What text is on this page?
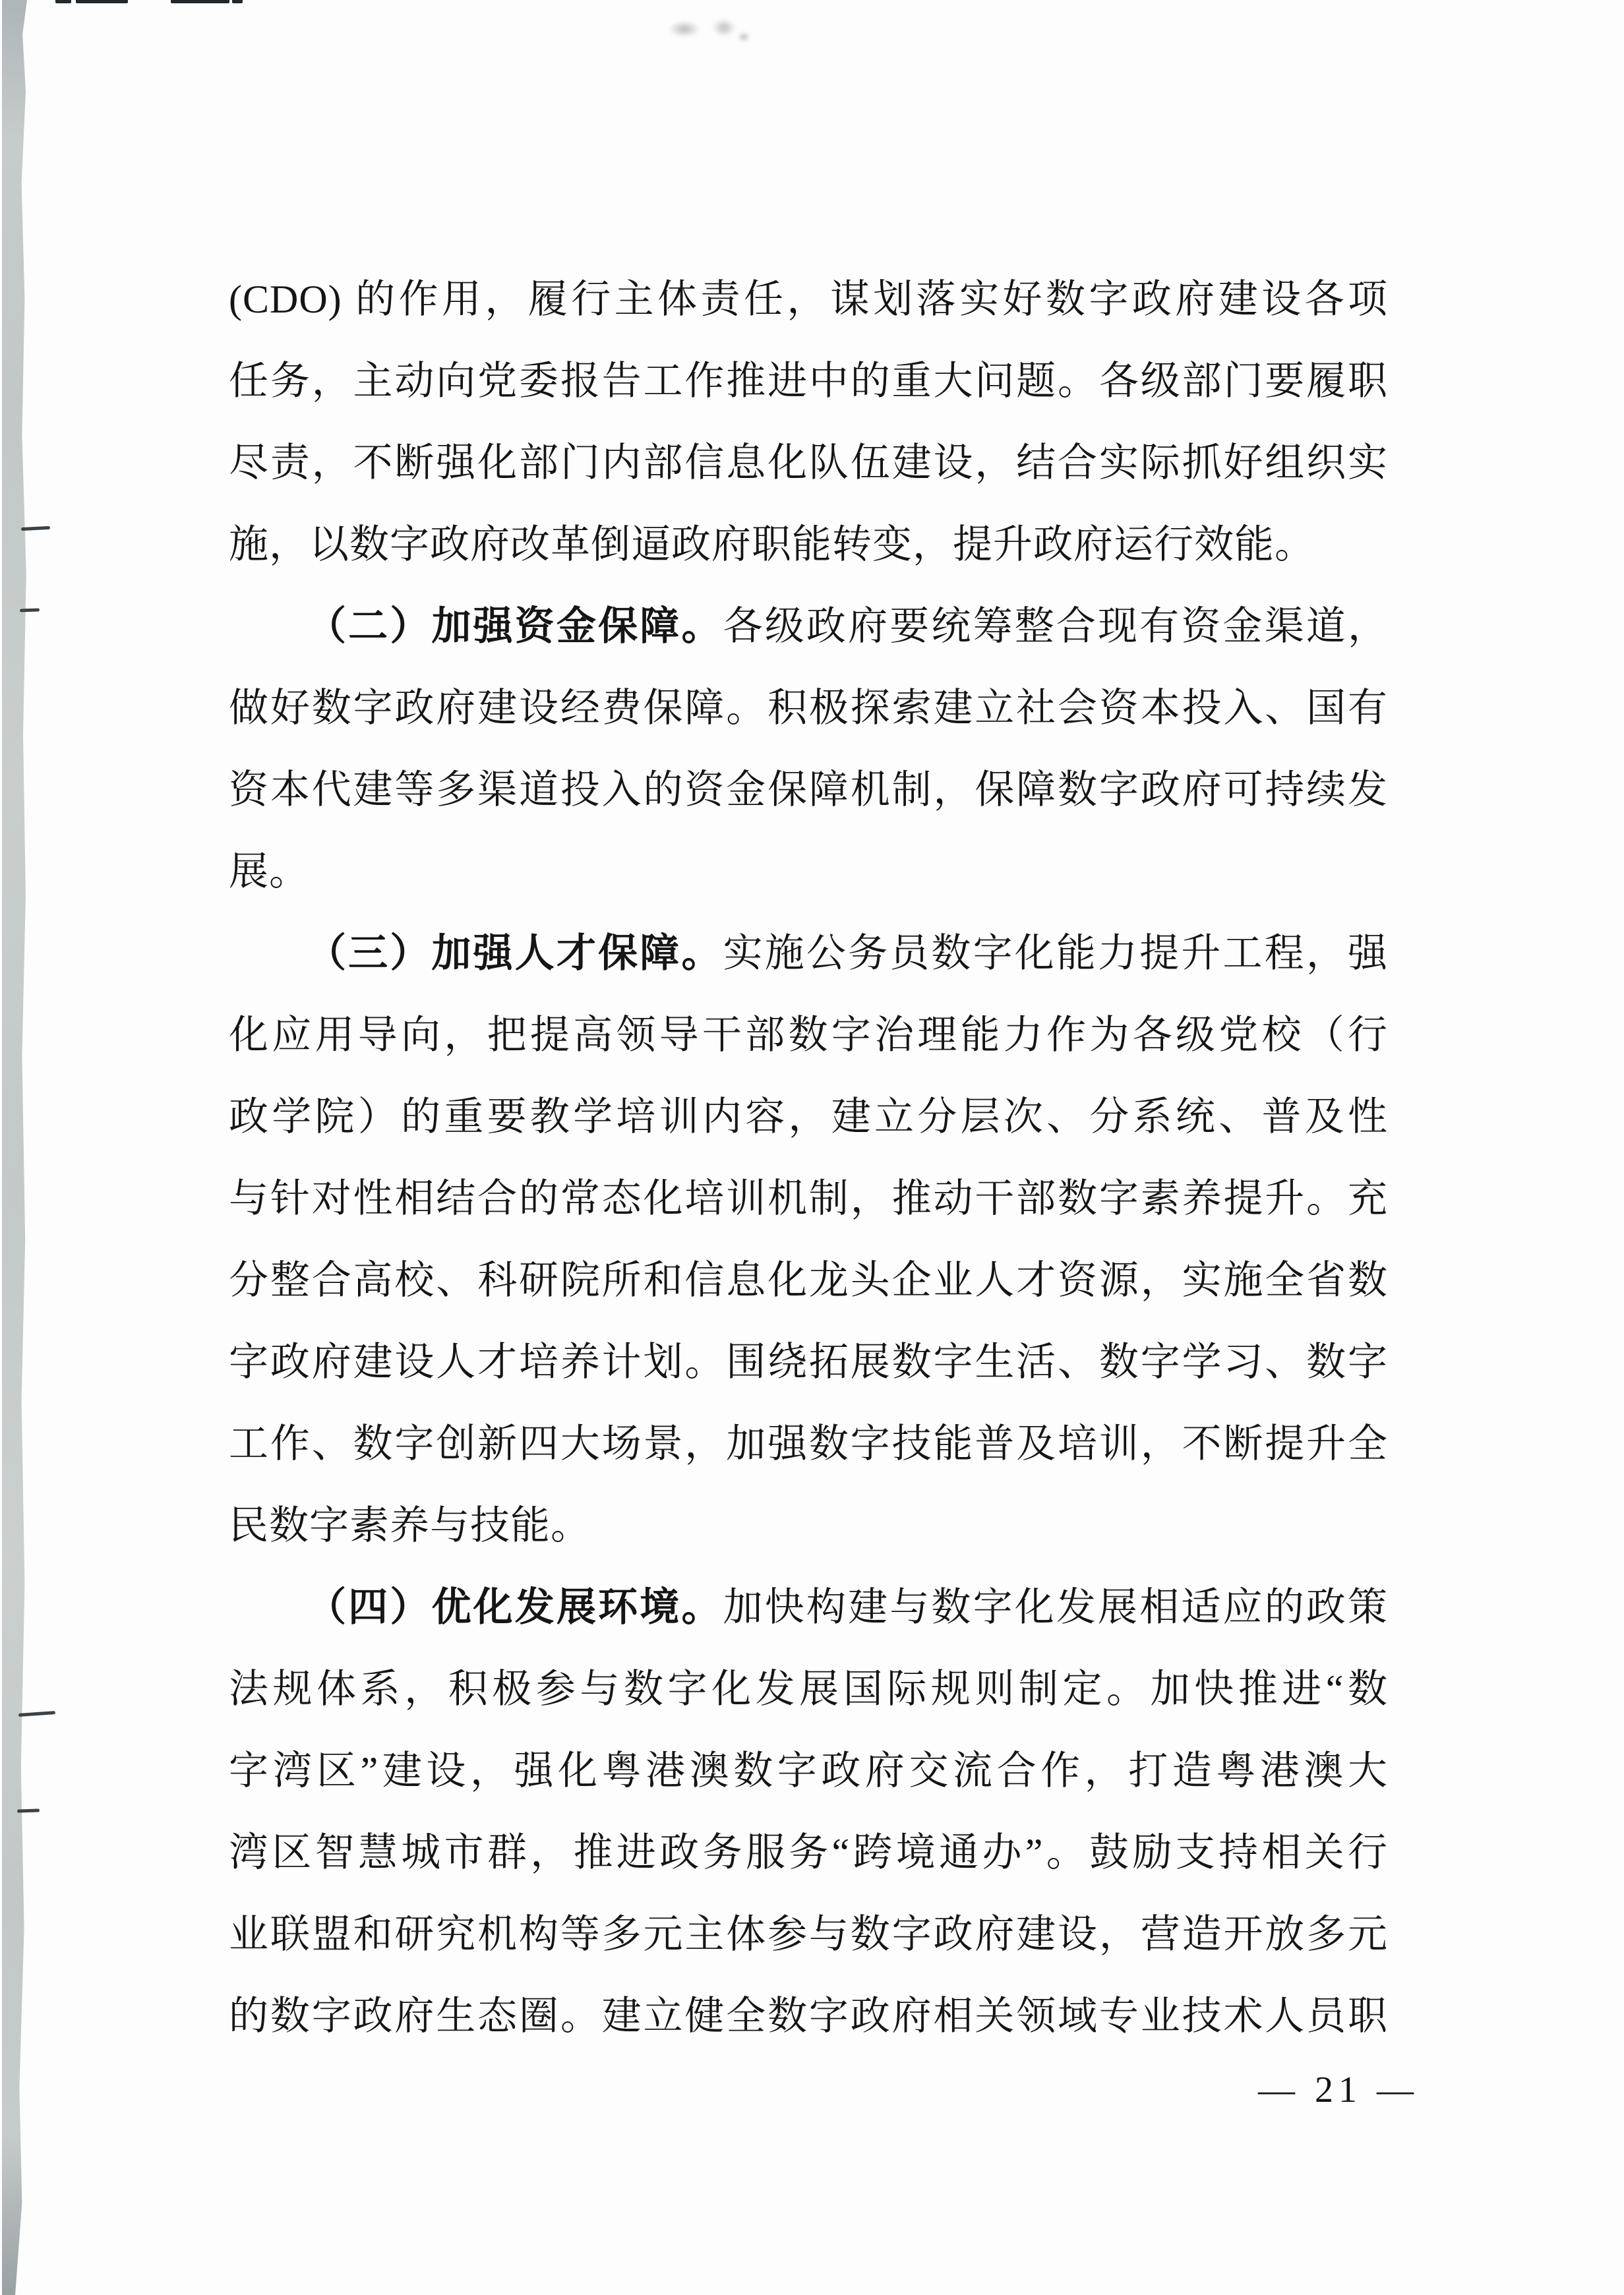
(CDO) 的作用，履行主体责任，谋划落实好数字政府建设各项
任务，主动向党委报告工作推进中的重大问题。各级部门要履职
尽责，不断强化部门内部信息化队伍建设，结合实际抓好组织实
施，以数字政府改革倒逼政府职能转变，提升政府运行效能。
（二）加强资金保障。各级政府要统筹整合现有资金渠道，
做好数字政府建设经费保障。积极探索建立社会资本投入、国有
资本代建等多渠道投入的资金保障机制，保障数字政府可持续发
展。
（三）加强人才保障。实施公务员数字化能力提升工程，强
化应用导向，把提高领导干部数字治理能力作为各级党校（行
政学院）的重要教学培训内容，建立分层次、分系统、普及性
与针对性相结合的常态化培训机制，推动干部数字素养提升。充
分整合高校、科研院所和信息化龙头企业人才资源，实施全省数
字政府建设人才培养计划。围绕拓展数字生活、数字学习、数字
工作、数字创新四大场景，加强数字技能普及培训，不断提升全
民数字素养与技能。
（四）优化发展环境。加快构建与数字化发展相适应的政策
法规体系，积极参与数字化发展国际规则制定。加快推进“数
字湾区”建设，强化粤港澳数字政府交流合作，打造粤港澳大
湾区智慧城市群，推进政务服务“跨境通办”。鼓励支持相关行
业联盟和研究机构等多元主体参与数字政府建设，营造开放多元
的数字政府生态圈。建立健全数字政府相关领域专业技术人员职
— 21 —
